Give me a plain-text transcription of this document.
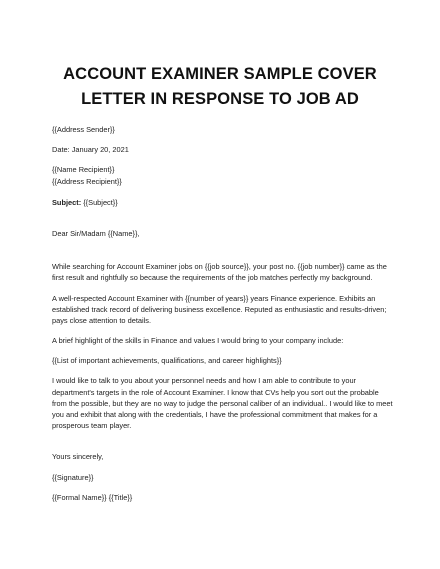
ACCOUNT EXAMINER SAMPLE COVER
LETTER IN RESPONSE TO JOB AD
{{Address Sender}}
Date: January 20, 2021
{{Name Recipient}}
{{Address Recipient}}
Subject: {{Subject}}
Dear Sir/Madam {{Name}},
While searching for Account Examiner jobs on {{job source}}, your post no. {{job number}} came as the
first result and rightfully so because the requirements of the job matches perfectly my background.
A well-respected Account Examiner with {{number of years}} years Finance experience. Exhibits an
established track record of delivering business excellence. Reputed as enthusiastic and results-driven;
pays close attention to details.
A brief highlight of the skills in Finance and values I would bring to your company include:
{{List of important achievements, qualifications, and career highlights}}
I would like to talk to you about your personnel needs and how I am able to contribute to your
department's targets in the role of Account Examiner. I know that CVs help you sort out the probable
from the possible, but they are no way to judge the personal caliber of an individual.. I would like to meet
you and exhibit that along with the credentials, I have the professional commitment that makes for a
prosperous team player.
Yours sincerely,
{{Signature}}
{{Formal Name}} {{Title}}
